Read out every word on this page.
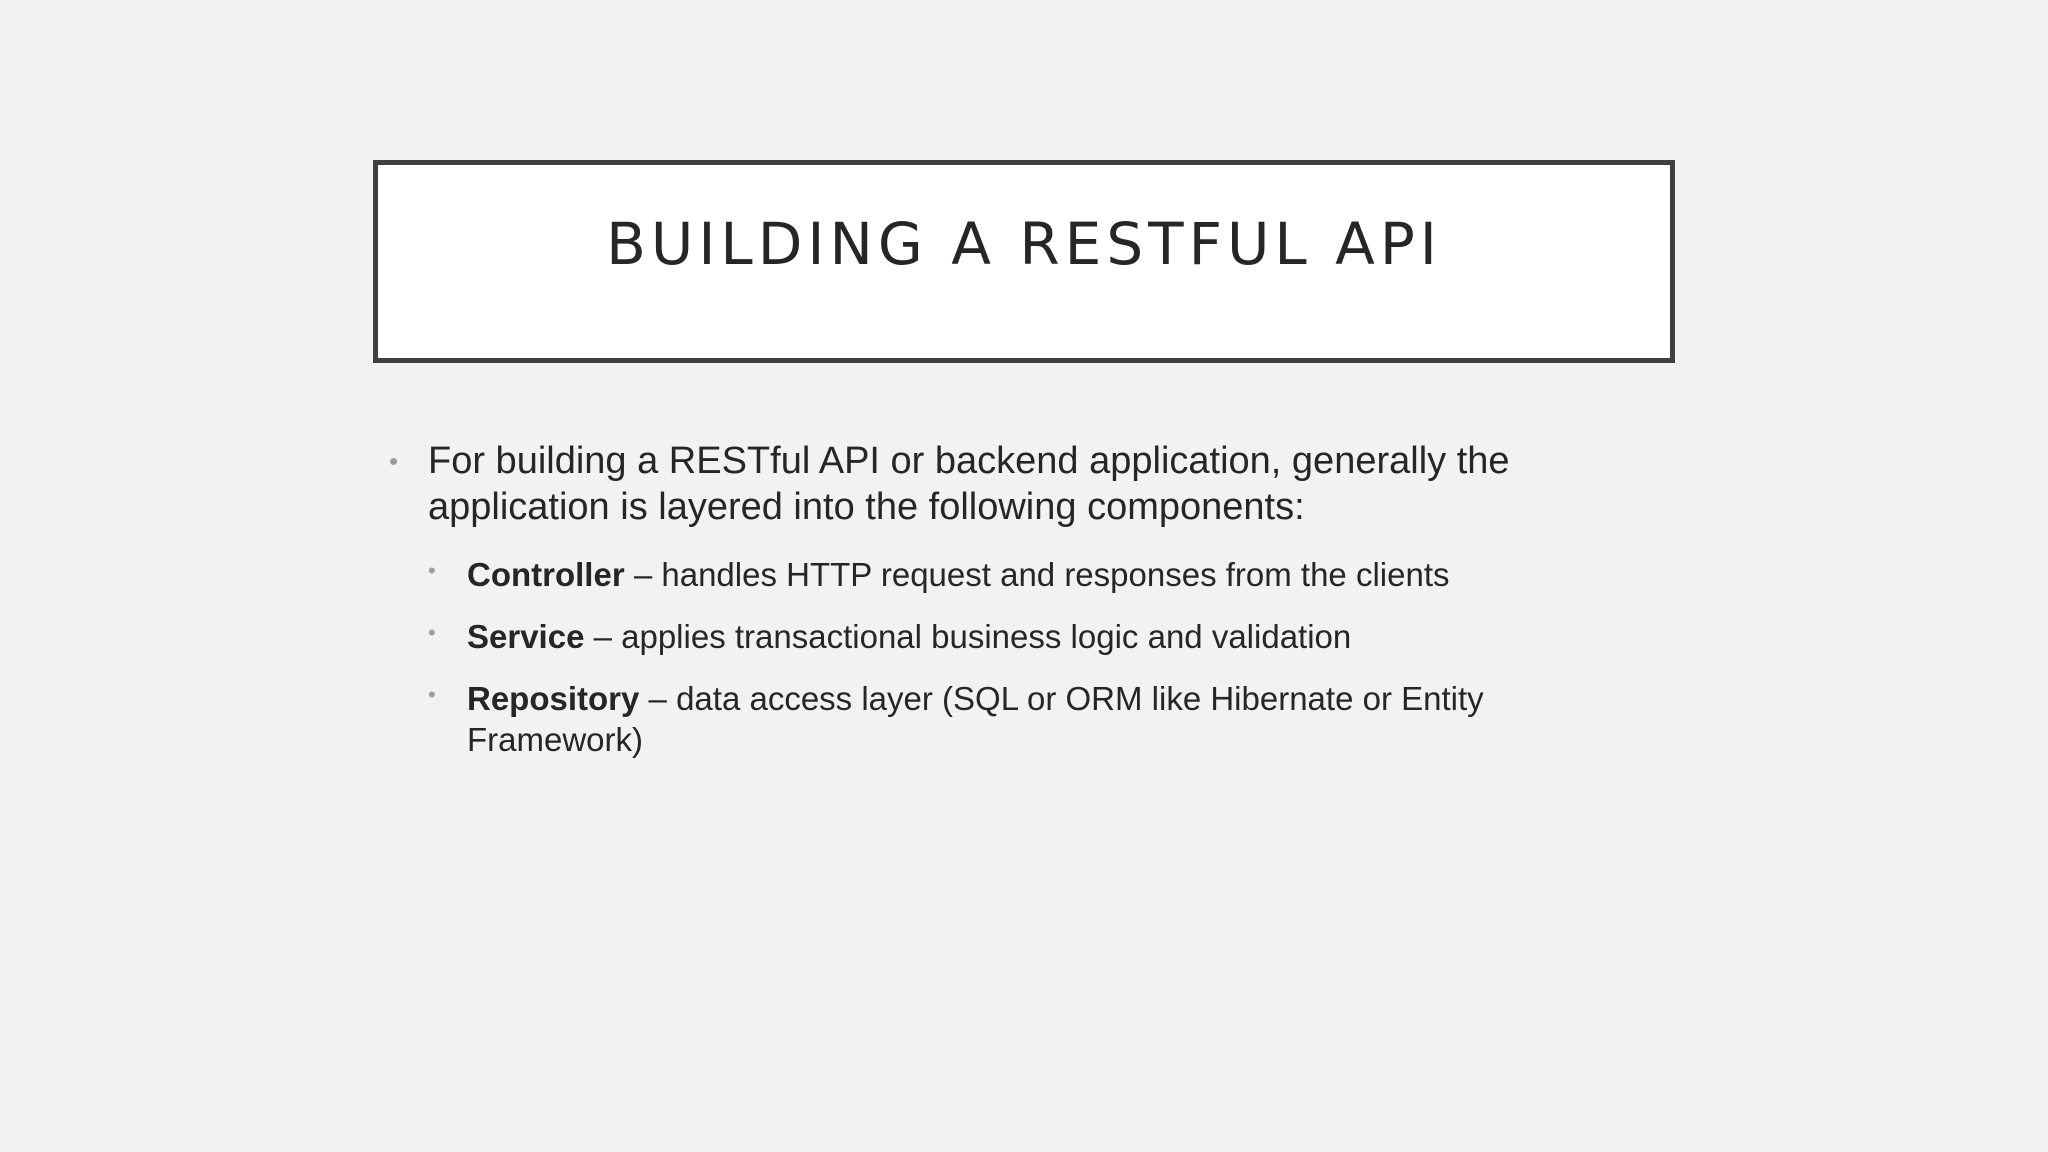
BUILDING A RESTFUL API
• For building a RESTful API or backend application, generally the application is layered into the following components:
• Controller – handles HTTP request and responses from the clients
• Service – applies transactional business logic and validation
• Repository – data access layer (SQL or ORM like Hibernate or Entity Framework)
